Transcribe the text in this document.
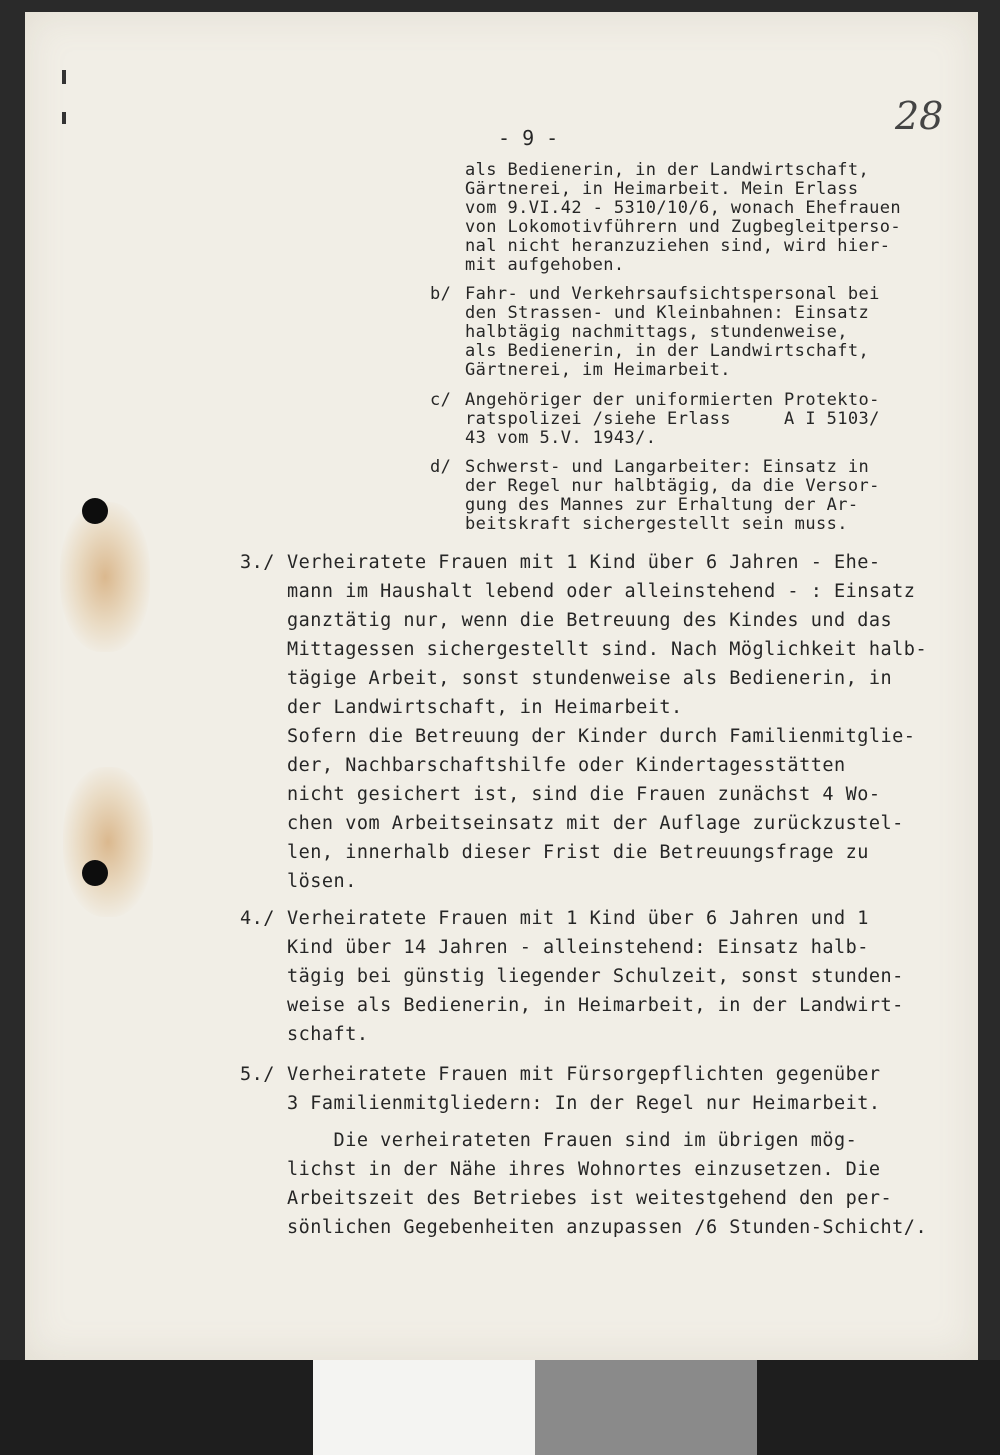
- 9 -	28

als Bedienerin, in der Landwirtschaft,

Gärtnerei, in Heimarbeit. Mein Erlass

vom 9.VI.42 - 5310/10/6, wonach Ehefrauen

von Lokomotivführern und Zugbegleitperso-

nal nicht heranzuziehen sind, wird hier-

mit aufgehoben.

b/ Fahr- und Verkehrsaufsichtspersonal bei

den Strassen- und Kleinbahnen: Einsatz

halbtägig nachmittags, stundenweise,

als Bedienerin, in der Landwirtschaft,

Gärtnerei, im Heimarbeit.

c/ Angehöriger der uniformierten Protekto-

ratspolizei /siehe Erlass     A I 5103/

43 vom 5.V. 1943/.

d/ Schwerst- und Langarbeiter: Einsatz in

der Regel nur halbtägig, da die Versor-

gung des Mannes zur Erhaltung der Ar-

beitskraft sichergestellt sein muss.

3./ Verheiratete Frauen mit 1 Kind über 6 Jahren - Ehe-

mann im Haushalt lebend oder alleinstehend - : Einsatz

ganztätig nur, wenn die Betreuung des Kindes und das

Mittagessen sichergestellt sind. Nach Möglichkeit halb-

tägige Arbeit, sonst stundenweise als Bedienerin, in

der Landwirtschaft, in Heimarbeit.

Sofern die Betreuung der Kinder durch Familienmitglie-

der, Nachbarschaftshilfe oder Kindertagesstätten

nicht gesichert ist, sind die Frauen zunächst 4 Wo-

chen vom Arbeitseinsatz mit der Auflage zurückzustel-

len, innerhalb dieser Frist die Betreuungsfrage zu

lösen.

4./ Verheiratete Frauen mit 1 Kind über 6 Jahren und 1

Kind über 14 Jahren - alleinstehend: Einsatz halb-

tägig bei günstig liegender Schulzeit, sonst stunden-

weise als Bedienerin, in Heimarbeit, in der Landwirt-

schaft.

5./ Verheiratete Frauen mit Fürsorgepflichten gegenüber

3 Familienmitgliedern: In der Regel nur Heimarbeit.

Die verheirateten Frauen sind im übrigen mög-

lichst in der Nähe ihres Wohnortes einzusetzen. Die

Arbeitszeit des Betriebes ist weitestgehend den per-

sönlichen Gegebenheiten anzupassen /6 Stunden-Schicht/.
